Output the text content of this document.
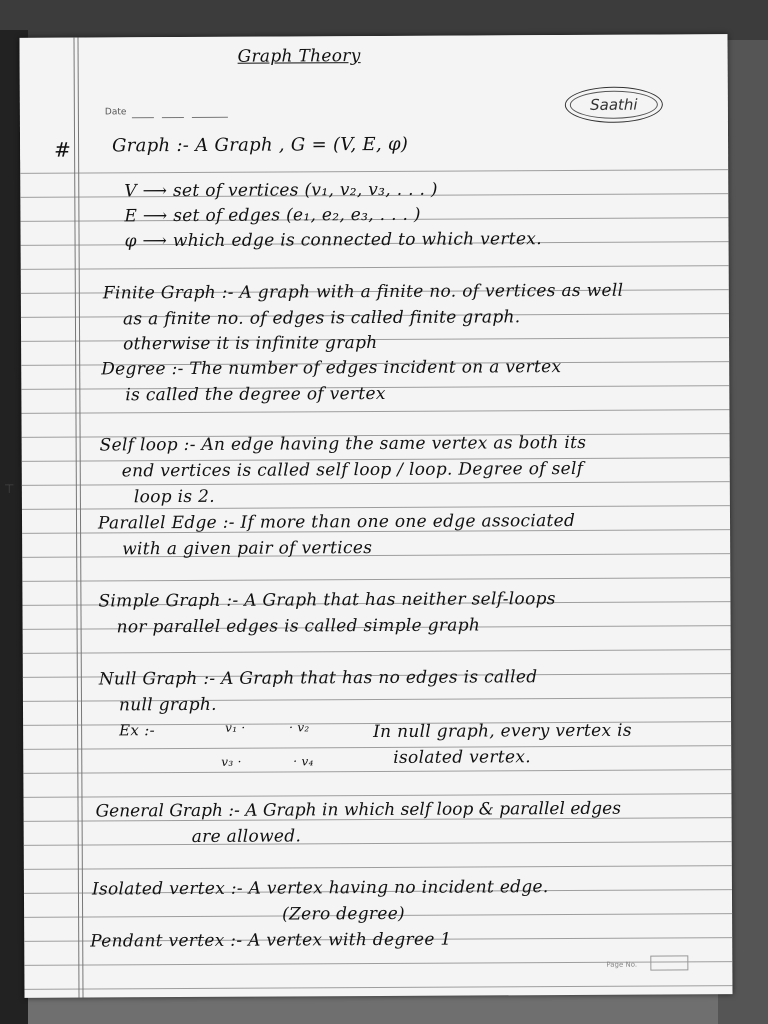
⊤
Graph Theory
Date	Saathi
# Graph :- A Graph , G = (V, E, φ)
V ⟶ set of vertices (v₁, v₂, v₃, . . . )
E ⟶ set of edges (e₁, e₂, e₃, . . . )
φ ⟶ which edge is connected to which vertex.
Finite Graph :- A graph with a finite no. of vertices as well
as a finite no. of edges is called finite graph.
otherwise it is infinite graph
Degree :- The number of edges incident on a vertex
is called the degree of vertex
Self loop :- An edge having the same vertex as both its
end vertices is called self loop / loop. Degree of self
loop is 2.
Parallel Edge :- If more than one one edge associated
with a given pair of vertices
Simple Graph :- A Graph that has neither self-loops
nor parallel edges is called simple graph
Null Graph :- A Graph that has no edges is called
null graph.
Ex :-	v₁ ·	· v₂
v₃ ·	· v₄
In null graph, every vertex is
isolated vertex.
General Graph :- A Graph in which self loop & parallel edges
are allowed.
Isolated vertex :- A vertex having no incident edge.
(Zero degree)
Pendant vertex :- A vertex with degree 1
Page No.
